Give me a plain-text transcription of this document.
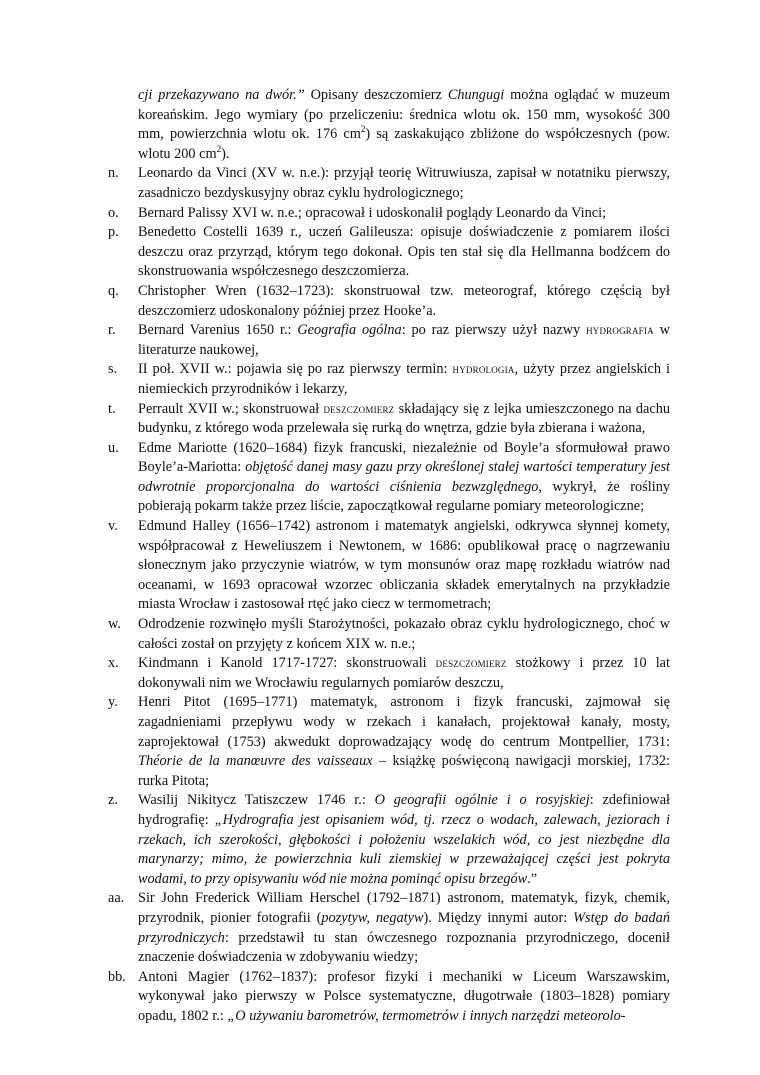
cji przekazywano na dwór.” Opisany deszczomierz Chungugi można oglądać w muzeum koreańskim. Jego wymiary (po przeliczeniu: średnica wlotu ok. 150 mm, wysokość 300 mm, powierzchnia wlotu ok. 176 $cm^2$) są zaskakująco zbliżone do współczesnych (pow. wlotu 200 $cm^2$).
n.	Leonardo da Vinci (XV w. n.e.): przyjął teorię Witruwiusza, zapisał w notatniku pierwszy, zasadniczo bezdyskusyjny obraz cyklu hydrologicznego;
o.	Bernard Palissy XVI w. n.e.; opracował i udoskonalił poglądy Leonardo da Vinci;
p.	Benedetto Costelli 1639 r., uczeń Galileusza: opisuje doświadczenie z pomiarem ilości deszczu oraz przyrząd, którym tego dokonał. Opis ten stał się dla Hellmanna bodźcem do skonstruowania współczesnego deszczomierza.
q.	Christopher Wren (1632–1723): skonstruował tzw. meteorograf, którego częścią był deszczomierz udoskonalony później przez Hooke’a.
r.	Bernard Varenius 1650 r.: Geografia ogólna: po raz pierwszy użył nazwy hydrografia w literaturze naukowej,
s.	II poł. XVII w.: pojawia się po raz pierwszy termin: hydrologia, użyty przez angielskich i niemieckich przyrodników i lekarzy,
t.	Perrault XVII w.; skonstruował deszczomierz składający się z lejka umieszczonego na dachu budynku, z którego woda przelewała się rurką do wnętrza, gdzie była zbierana i ważona,
u.	Edme Mariotte (1620–1684) fizyk francuski, niezależnie od Boyle’a sformułował prawo Boyle’a-Mariotta: objętość danej masy gazu przy określonej stałej wartości temperatury jest odwrotnie proporcjonalna do wartości ciśnienia bezwzględnego, wykrył, że rośliny pobierają pokarm także przez liście, zapoczątkował regularne pomiary meteorologiczne;
v.	Edmund Halley (1656–1742) astronom i matematyk angielski, odkrywca słynnej komety, współpracował z Heweliuszem i Newtonem, w 1686: opublikował pracę o nagrzewaniu słonecznym jako przyczynie wiatrów, w tym monsunów oraz mapę rozkładu wiatrów nad oceanami, w 1693 opracował wzorzec obliczania składek emerytalnych na przykładzie miasta Wrocław i zastosował rtęć jako ciecz w termometrach;
w.	Odrodzenie rozwinęło myśli Starożytności, pokazało obraz cyklu hydrologicznego, choć w całości został on przyjęty z końcem XIX w. n.e.;
x.	Kindmann i Kanold 1717-1727: skonstruowali deszczomierz stożkowy i przez 10 lat dokonywali nim we Wrocławiu regularnych pomiarów deszczu,
y.	Henri Pitot (1695–1771) matematyk, astronom i fizyk francuski, zajmował się zagadnieniami przepływu wody w rzekach i kanałach, projektował kanały, mosty, zaprojektował (1753) akwedukt doprowadzający wodę do centrum Montpellier, 1731: Théorie de la manœuvre des vaisseaux – książkę poświęconą nawigacji morskiej, 1732: rurka Pitota;
z.	Wasilij Nikitycz Tatiszczew 1746 r.: O geografii ogólnie i o rosyjskiej: zdefiniował hydrografię: „Hydrografia jest opisaniem wód, tj. rzecz o wodach, zalewach, jeziorach i rzekach, ich szerokości, głębokości i położeniu wszelakich wód, co jest niezbędne dla marynarzy; mimo, że powierzchnia kuli ziemskiej w przeważającej części jest pokryta wodami, to przy opisywaniu wód nie można pominąć opisu brzegów.”
aa. Sir John Frederick William Herschel (1792–1871) astronom, matematyk, fizyk, chemik, przyrodnik, pionier fotografii (pozytyw, negatyw). Między innymi autor: Wstęp do badań przyrodniczych: przedstawił tu stan ówczesnego rozpoznania przyrodniczego, docenił znaczenie doświadczenia w zdobywaniu wiedzy;
bb. Antoni Magier (1762–1837): profesor fizyki i mechaniki w Liceum Warszawskim, wykonywał jako pierwszy w Polsce systematyczne, długotrwałe (1803–1828) pomiary opadu, 1802 r.: „O używaniu barometrów, termometrów i innych narzędzi meteorolo-
